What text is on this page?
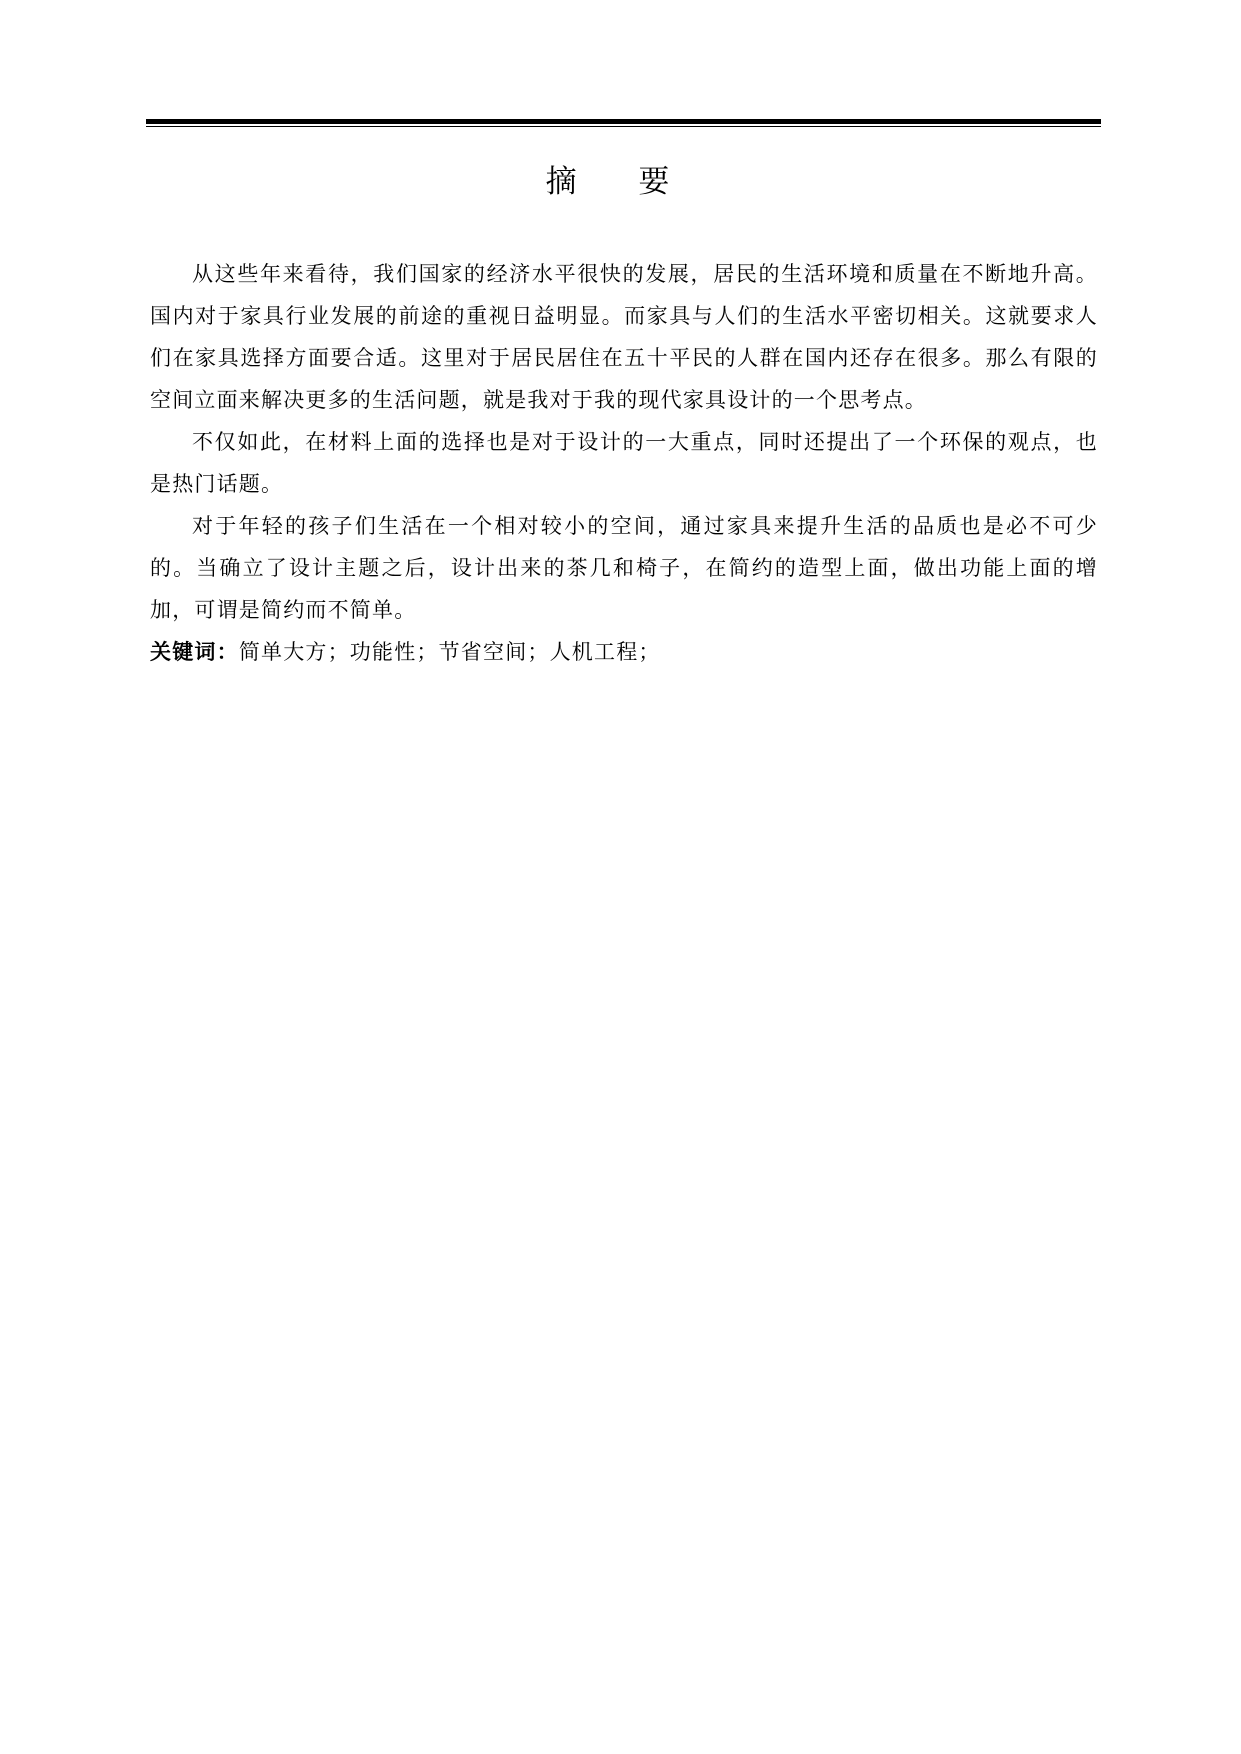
摘 要

从这些年来看待，我们国家的经济水平很快的发展，居民的生活环境和质量在不断地升高。国内对于家具行业发展的前途的重视日益明显。而家具与人们的生活水平密切相关。这就要求人们在家具选择方面要合适。这里对于居民居住在五十平民的人群在国内还存在很多。那么有限的空间立面来解决更多的生活问题，就是我对于我的现代家具设计的一个思考点。

不仅如此，在材料上面的选择也是对于设计的一大重点，同时还提出了一个环保的观点，也是热门话题。

对于年轻的孩子们生活在一个相对较小的空间，通过家具来提升生活的品质也是必不可少的。当确立了设计主题之后，设计出来的茶几和椅子，在简约的造型上面，做出功能上面的增加，可谓是简约而不简单。

关键词：简单大方；功能性；节省空间；人机工程；
